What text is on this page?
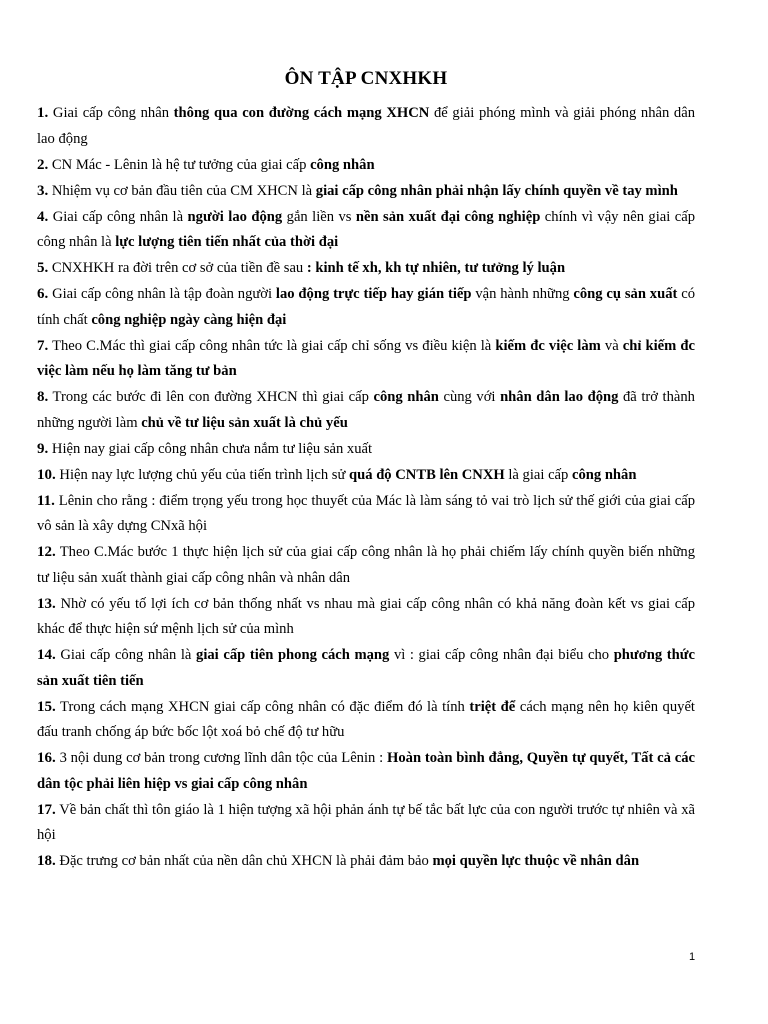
ÔN TẬP CNXHKH

1. Giai cấp công nhân thông qua con đường cách mạng XHCN để giải phóng mình và giải phóng nhân dân lao động

2. CN Mác - Lênin là hệ tư tưởng của giai cấp công nhân

3. Nhiệm vụ cơ bản đầu tiên của CM XHCN là giai cấp công nhân phải nhận lấy chính quyền về tay mình

4. Giai cấp công nhân là người lao động gắn liền vs nền sản xuất đại công nghiệp chính vì vậy nên giai cấp công nhân là lực lượng tiên tiến nhất của thời đại

5. CNXHKH ra đời trên cơ sở của tiền đề sau : kinh tế xh, kh tự nhiên, tư tưởng lý luận

6. Giai cấp công nhân là tập đoàn người lao động trực tiếp hay gián tiếp vận hành những công cụ sản xuất có tính chất công nghiệp ngày càng hiện đại

7. Theo C.Mác thì giai cấp công nhân tức là giai cấp chỉ sống vs điều kiện là kiếm đc việc làm và chỉ kiếm đc việc làm nếu họ làm tăng tư bản

8. Trong các bước đi lên con đường XHCN thì giai cấp công nhân cùng với nhân dân lao động đã trở thành những người làm chủ về tư liệu sản xuất là chủ yếu

9. Hiện nay giai cấp công nhân chưa nắm tư liệu sản xuất

10. Hiện nay lực lượng chủ yếu của tiến trình lịch sử quá độ CNTB lên CNXH là giai cấp công nhân

11. Lênin cho rằng : điểm trọng yếu trong học thuyết của Mác là làm sáng tỏ vai trò lịch sử thế giới của giai cấp vô sản là xây dựng CNxã hội

12. Theo C.Mác bước 1 thực hiện lịch sử của giai cấp công nhân là họ phải chiếm lấy chính quyền biến những tư liệu sản xuất thành giai cấp công nhân và nhân dân

13. Nhờ có yếu tố lợi ích cơ bản thống nhất vs nhau mà giai cấp công nhân có khả năng đoàn kết vs giai cấp khác để thực hiện sứ mệnh lịch sử của mình

14. Giai cấp công nhân là giai cấp tiên phong cách mạng vì : giai cấp công nhân đại biểu cho phương thức sản xuất tiên tiến

15. Trong cách mạng XHCN giai cấp công nhân có đặc điểm đó là tính triệt để cách mạng nên họ kiên quyết đấu tranh chống áp bức bốc lột xoá bỏ chế độ tư hữu

16. 3 nội dung cơ bản trong cương lĩnh dân tộc của Lênin : Hoàn toàn bình đẳng, Quyền tự quyết, Tất cả các dân tộc phải liên hiệp vs giai cấp công nhân

17. Về bản chất thì tôn giáo là 1 hiện tượng xã hội phản ánh tự bế tắc bất lực của con người trước tự nhiên và xã hội

18. Đặc trưng cơ bản nhất của nền dân chủ XHCN là phải đảm bảo mọi quyền lực thuộc về nhân dân

1
